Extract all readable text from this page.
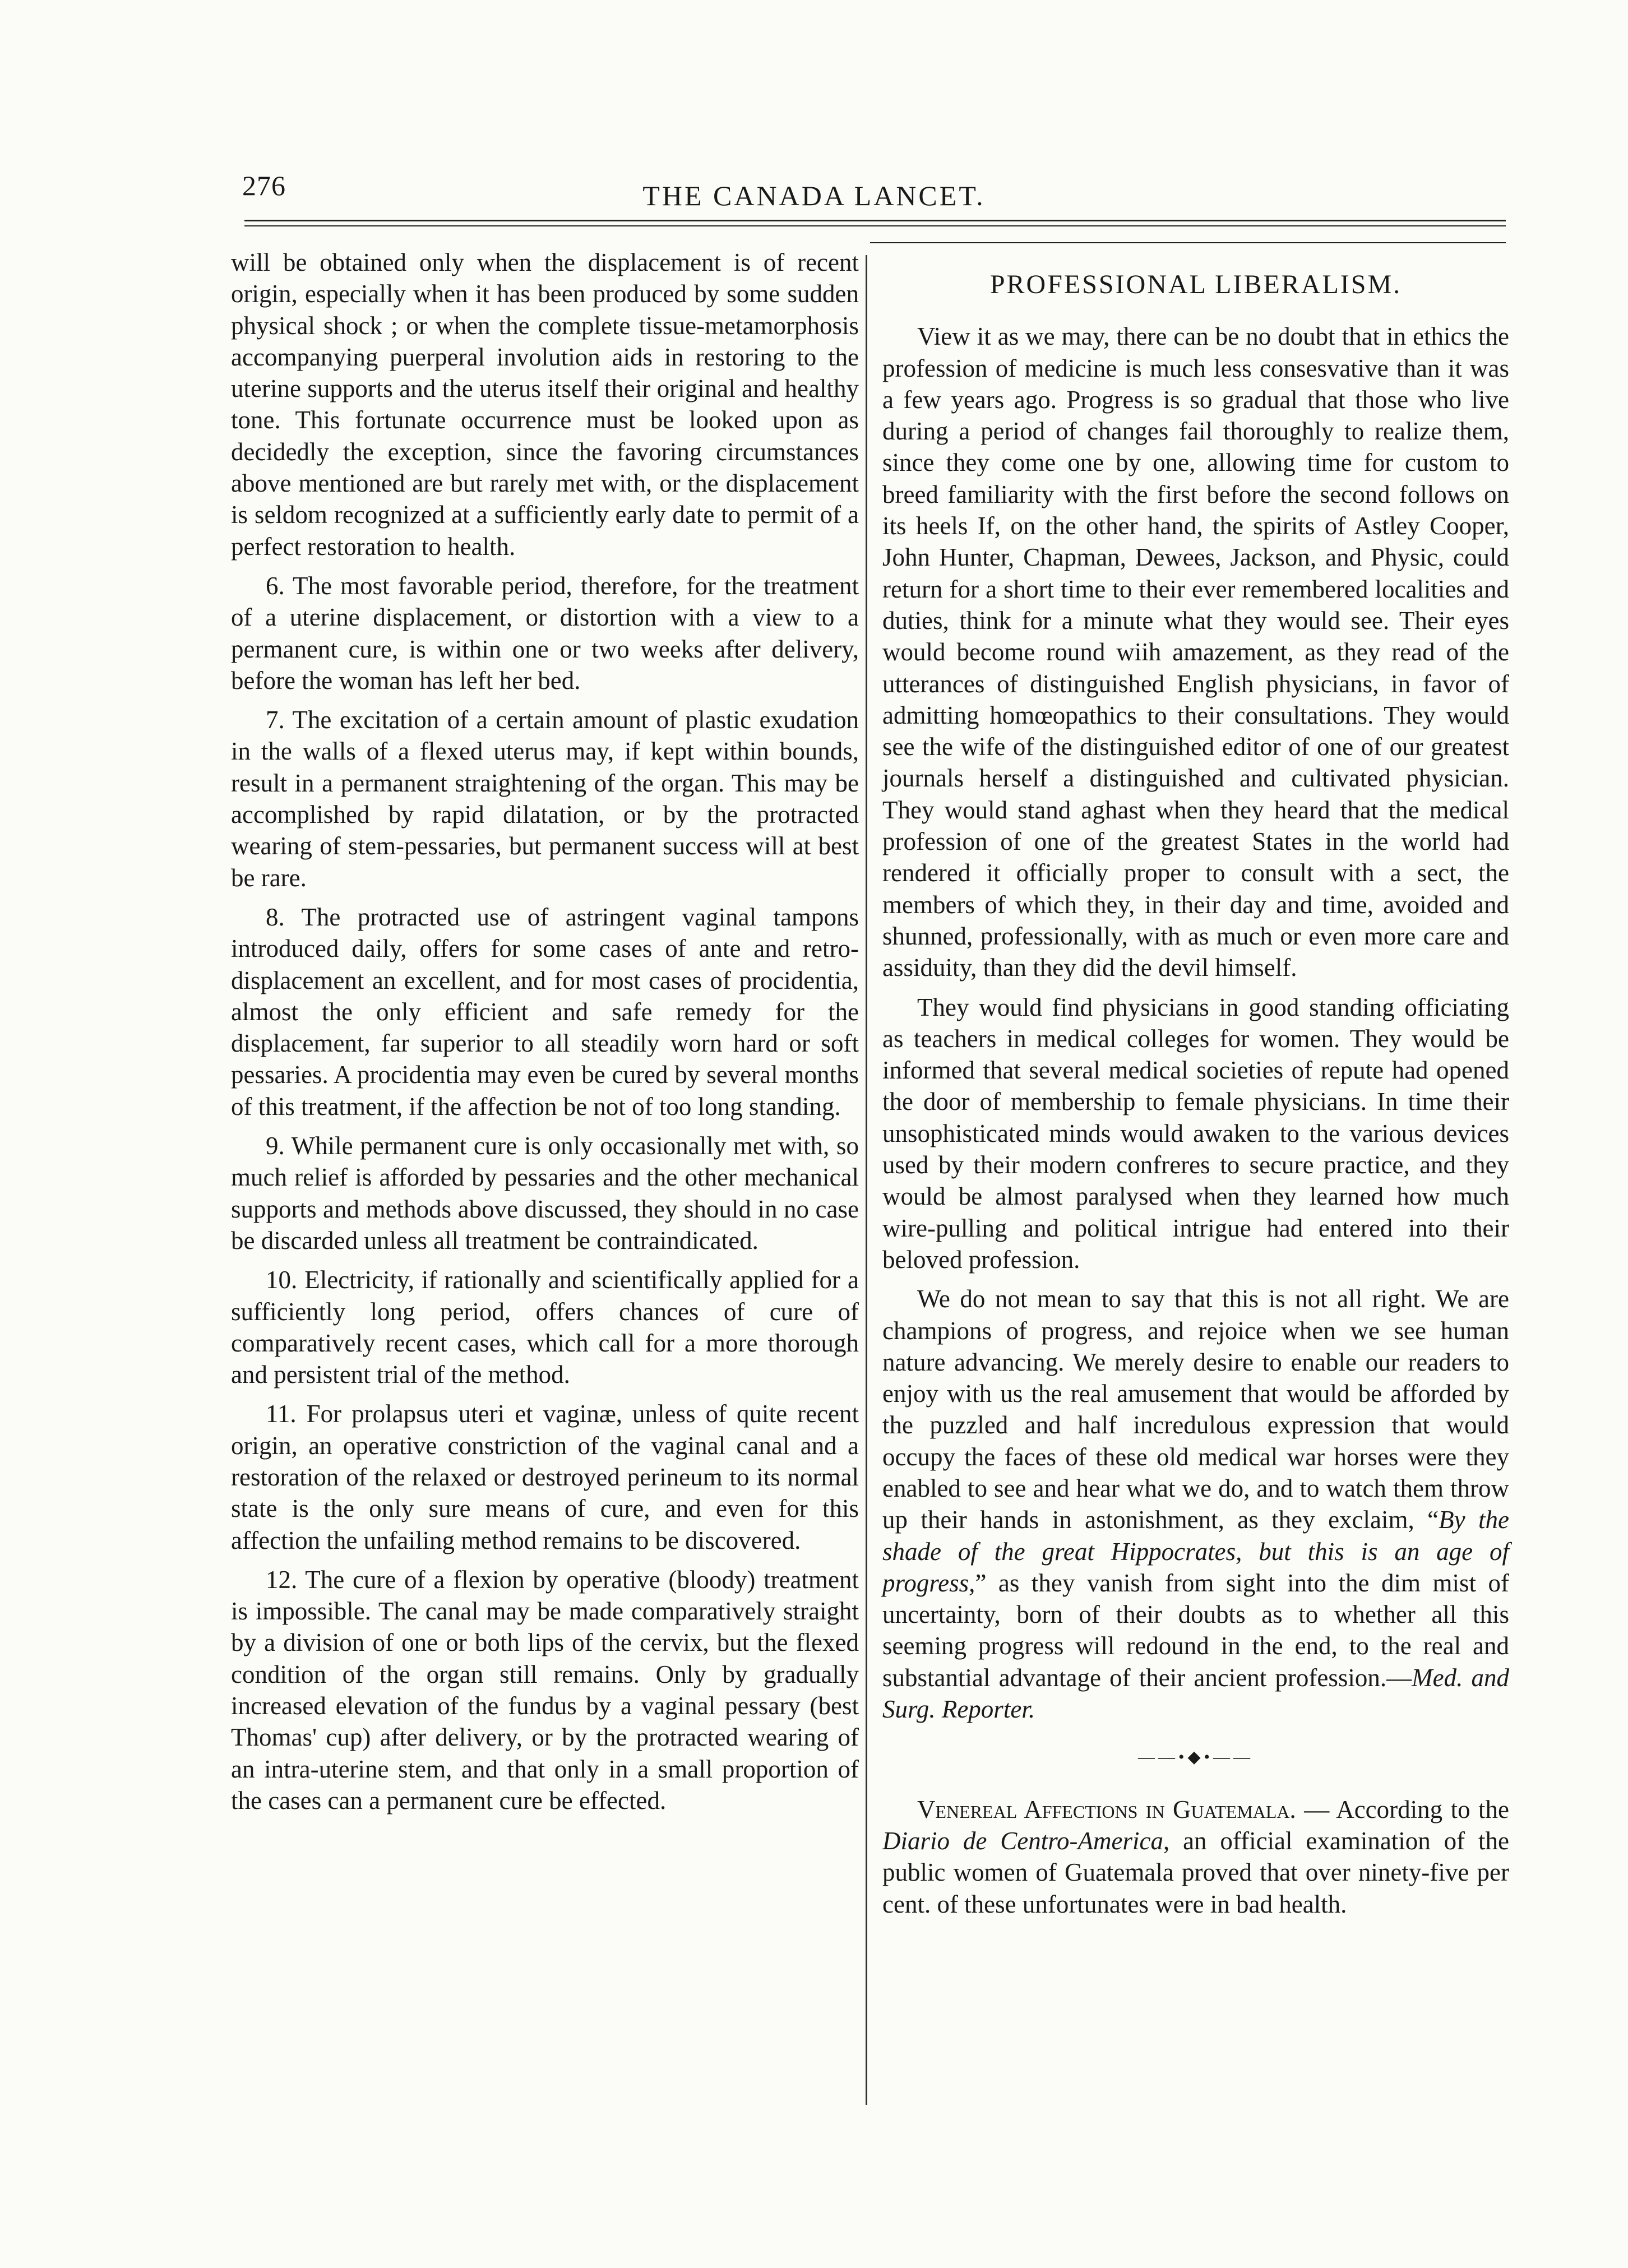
276	THE CANADA LANCET.

will be obtained only when the displacement is of recent origin, especially when it has been produced by some sudden physical shock ; or when the complete tissue-metamorphosis accompanying puerperal involution aids in restoring to the uterine supports and the uterus itself their original and healthy tone. This fortunate occurrence must be looked upon as decidedly the exception, since the favoring circumstances above mentioned are but rarely met with, or the displacement is seldom recognized at a sufficiently early date to permit of a perfect restoration to health.

6. The most favorable period, therefore, for the treatment of a uterine displacement, or distortion with a view to a permanent cure, is within one or two weeks after delivery, before the woman has left her bed.

7. The excitation of a certain amount of plastic exudation in the walls of a flexed uterus may, if kept within bounds, result in a permanent straightening of the organ. This may be accomplished by rapid dilatation, or by the protracted wearing of stem-pessaries, but permanent success will at best be rare.

8. The protracted use of astringent vaginal tampons introduced daily, offers for some cases of ante and retro-displacement an excellent, and for most cases of procidentia, almost the only efficient and safe remedy for the displacement, far superior to all steadily worn hard or soft pessaries. A procidentia may even be cured by several months of this treatment, if the affection be not of too long standing.

9. While permanent cure is only occasionally met with, so much relief is afforded by pessaries and the other mechanical supports and methods above discussed, they should in no case be discarded unless all treatment be contraindicated.

10. Electricity, if rationally and scientifically applied for a sufficiently long period, offers chances of cure of comparatively recent cases, which call for a more thorough and persistent trial of the method.

11. For prolapsus uteri et vaginæ, unless of quite recent origin, an operative constriction of the vaginal canal and a restoration of the relaxed or destroyed perineum to its normal state is the only sure means of cure, and even for this affection the unfailing method remains to be discovered.

12. The cure of a flexion by operative (bloody) treatment is impossible. The canal may be made comparatively straight by a division of one or both lips of the cervix, but the flexed condition of the organ still remains. Only by gradually increased elevation of the fundus by a vaginal pessary (best Thomas' cup) after delivery, or by the protracted wearing of an intra-uterine stem, and that only in a small proportion of the cases can a permanent cure be effected.

PROFESSIONAL LIBERALISM.

View it as we may, there can be no doubt that in ethics the profession of medicine is much less consesvative than it was a few years ago. Progress is so gradual that those who live during a period of changes fail thoroughly to realize them, since they come one by one, allowing time for custom to breed familiarity with the first before the second follows on its heels If, on the other hand, the spirits of Astley Cooper, John Hunter, Chapman, Dewees, Jackson, and Physic, could return for a short time to their ever remembered localities and duties, think for a minute what they would see. Their eyes would become round wiih amazement, as they read of the utterances of distinguished English physicians, in favor of admitting homœopathics to their consultations. They would see the wife of the distinguished editor of one of our greatest journals herself a distinguished and cultivated physician. They would stand aghast when they heard that the medical profession of one of the greatest States in the world had rendered it officially proper to consult with a sect, the members of which they, in their day and time, avoided and shunned, professionally, with as much or even more care and assiduity, than they did the devil himself.

They would find physicians in good standing officiating as teachers in medical colleges for women. They would be informed that several medical societies of repute had opened the door of membership to female physicians. In time their unsophisticated minds would awaken to the various devices used by their modern confreres to secure practice, and they would be almost paralysed when they learned how much wire-pulling and political intrigue had entered into their beloved profession.

We do not mean to say that this is not all right. We are champions of progress, and rejoice when we see human nature advancing. We merely desire to enable our readers to enjoy with us the real amusement that would be afforded by the puzzled and half incredulous expression that would occupy the faces of these old medical war horses were they enabled to see and hear what we do, and to watch them throw up their hands in astonishment, as they exclaim, “By the shade of the great Hippocrates, but this is an age of progress,” as they vanish from sight into the dim mist of uncertainty, born of their doubts as to whether all this seeming progress will redound in the end, to the real and substantial advantage of their ancient profession.—Med. and Surg. Reporter.

——•◆•——

Venereal Affections in Guatemala. — According to the Diario de Centro-America, an official examination of the public women of Guatemala proved that over ninety-five per cent. of these unfortunates were in bad health.
